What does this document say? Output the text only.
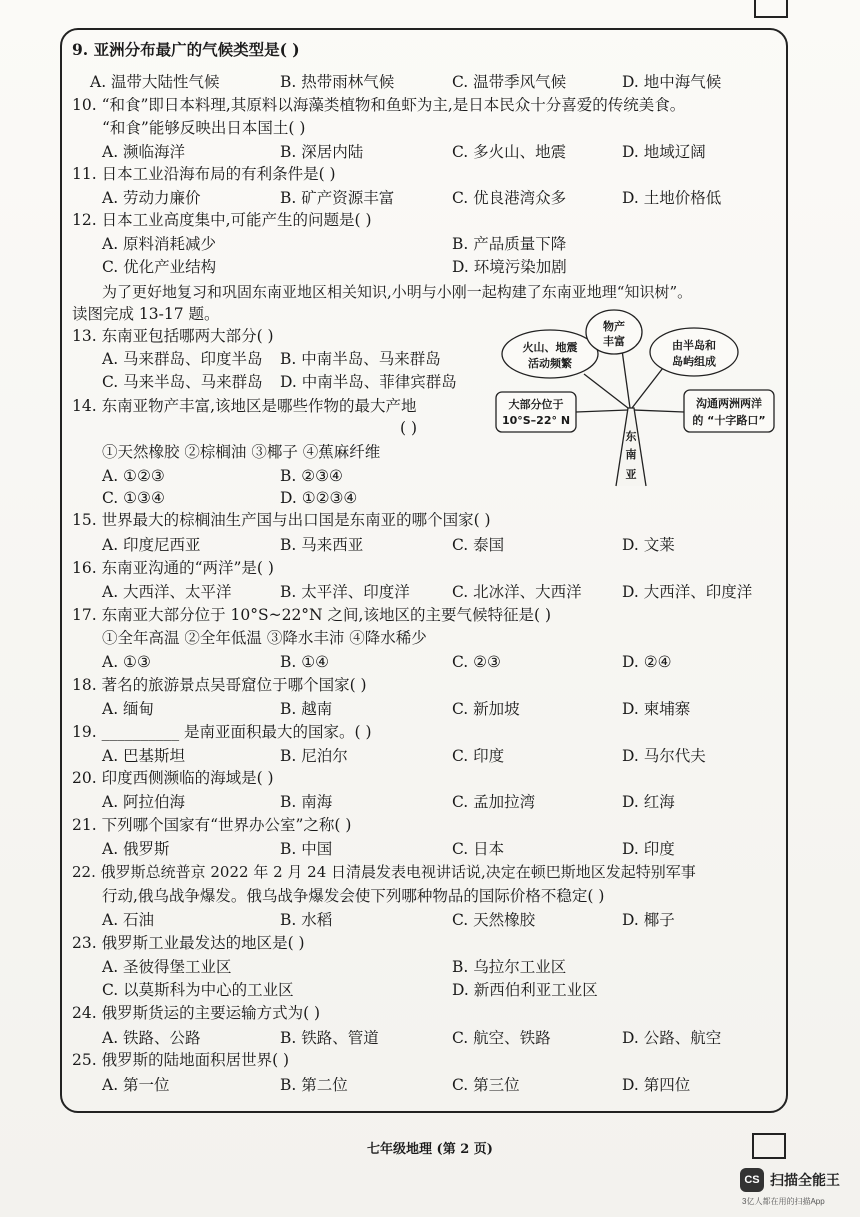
9. 亚洲分布最广的气候类型是( )
A. 温带大陆性气候	B. 热带雨林气候	C. 温带季风气候	D. 地中海气候
10. “和食”即日本料理,其原料以海藻类植物和鱼虾为主,是日本民众十分喜爱的传统美食。
“和食”能够反映出日本国土( )
A. 濒临海洋	B. 深居内陆	C. 多火山、地震	D. 地域辽阔
11. 日本工业沿海布局的有利条件是( )
A. 劳动力廉价	B. 矿产资源丰富	C. 优良港湾众多	D. 土地价格低
12. 日本工业高度集中,可能产生的问题是( )
A. 原料消耗减少	B. 产品质量下降
C. 优化产业结构	D. 环境污染加剧
为了更好地复习和巩固东南亚地区相关知识,小明与小刚一起构建了东南亚地理“知识树”。
读图完成 13-17 题。
13. 东南亚包括哪两大部分( )
A. 马来群岛、印度半岛 B. 中南半岛、马来群岛
C. 马来半岛、马来群岛 D. 中南半岛、菲律宾群岛
14. 东南亚物产丰富,该地区是哪些作物的最大产地
( )
①天然橡胶 ②棕榈油 ③椰子 ④蕉麻纤维
A. ①②③	B. ②③④
C. ①③④	D. ①②③④
火山、地震
活动频繁
物产
丰富	由半岛和
岛屿组成
大部分位于
10°S–22° N
沟通两洲两洋
的 “十字路口”
东
南
亚
15. 世界最大的棕榈油生产国与出口国是东南亚的哪个国家( )
A. 印度尼西亚	B. 马来西亚	C. 泰国	D. 文莱
16. 东南亚沟通的“两洋”是( )
A. 大西洋、太平洋	B. 太平洋、印度洋	C. 北冰洋、大西洋	D. 大西洋、印度洋
17. 东南亚大部分位于 10°S~22°N 之间,该地区的主要气候特征是( )
①全年高温 ②全年低温 ③降水丰沛 ④降水稀少
A. ①③	B. ①④	C. ②③	D. ②④
18. 著名的旅游景点吴哥窟位于哪个国家( )
A. 缅甸	B. 越南	C. 新加坡	D. 柬埔寨
19. __________ 是南亚面积最大的国家。( )
A. 巴基斯坦	B. 尼泊尔	C. 印度	D. 马尔代夫
20. 印度西侧濒临的海域是( )
A. 阿拉伯海	B. 南海	C. 孟加拉湾	D. 红海
21. 下列哪个国家有“世界办公室”之称( )
A. 俄罗斯	B. 中国	C. 日本	D. 印度
22. 俄罗斯总统普京 2022 年 2 月 24 日清晨发表电视讲话说,决定在顿巴斯地区发起特别军事
行动,俄乌战争爆发。俄乌战争爆发会使下列哪种物品的国际价格不稳定( )
A. 石油	B. 水稻	C. 天然橡胶	D. 椰子
23. 俄罗斯工业最发达的地区是( )
A. 圣彼得堡工业区	B. 乌拉尔工业区
C. 以莫斯科为中心的工业区	D. 新西伯利亚工业区
24. 俄罗斯货运的主要运输方式为( )
A. 铁路、公路	B. 铁路、管道	C. 航空、铁路	D. 公路、航空
25. 俄罗斯的陆地面积居世界( )
A. 第一位	B. 第二位	C. 第三位	D. 第四位
七年级地理 (第 2 页)
CS 扫描全能王
3亿人都在用的扫描App
